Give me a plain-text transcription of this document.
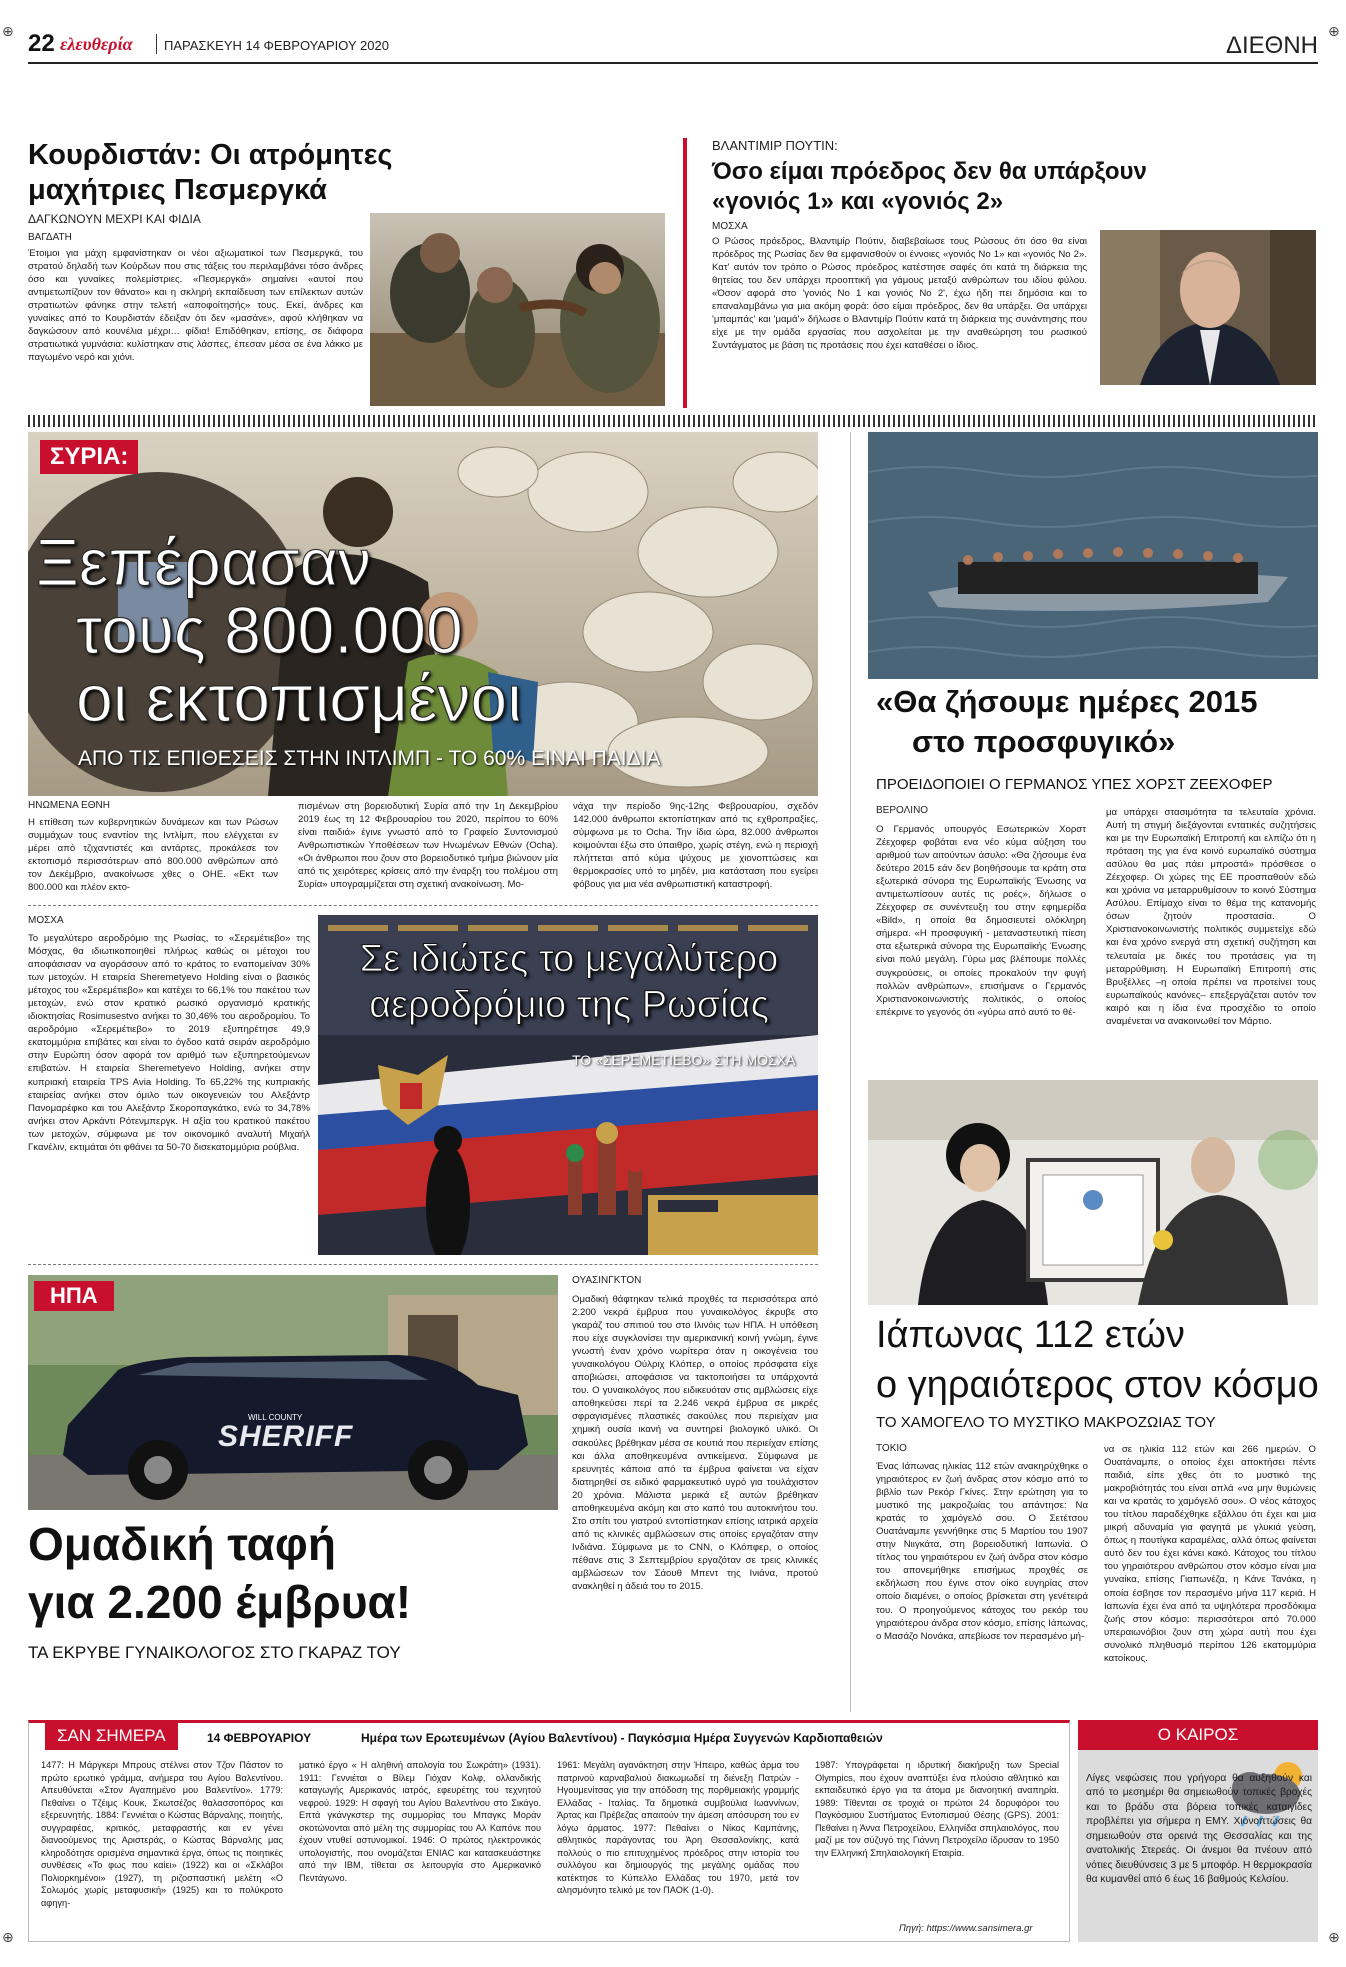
⊕	⊕
⊕	⊕
22 ελευθερία ΠΑΡΑΣΚΕΥΗ 14 ΦΕΒΡΟΥΑΡΙΟΥ 2020	ΔΙΕΘΝΗ
Κουρδιστάν: Οι ατρόμητες
μαχήτριες Πεσμεργκά
ΔΑΓΚΩΝΟΥΝ ΜΕΧΡΙ ΚΑΙ ΦΙΔΙΑ
ΒΑΓΔΑΤΗ
Έτοιμοι για μάχη εμφανίστηκαν οι νέοι αξιωματικοί των Πεσμεργκά, του στρατού δηλαδή των Κούρδων που στις τάξεις του περιλαμβάνει τόσο άνδρες όσο και γυναίκες πολεμίστριες. «Πεσμεργκά» σημαίνει «αυτοί που αντιμετωπίζουν τον θάνατο» και η σκληρή εκπαίδευση των επίλεκτων αυτών στρατιωτών φάνηκε στην τελετή «αποφοίτησής» τους. Εκεί, άνδρες και γυναίκες από το Κουρδιστάν έδειξαν ότι δεν «μασάνε», αφού κλήθηκαν να δαγκώσουν από κουνέλια μέχρι… φίδια! Επιδόθηκαν, επίσης, σε διάφορα στρατιωτικά γυμνάσια: κυλίστηκαν στις λάσπες, έπεσαν μέσα σε ένα λάκκο με παγωμένο νερό και χιόνι.
ΒΛΑΝΤΙΜΙΡ ΠΟΥΤΙΝ:
Όσο είμαι πρόεδρος δεν θα υπάρξουν
«γονιός 1» και «γονιός 2»
ΜΟΣΧΑ
Ο Ρώσος πρόεδρος, Βλαντιμίρ Πούτιν, διαβεβαίωσε τους Ρώσους ότι όσο θα είναι πρόεδρος της Ρωσίας δεν θα εμφανισθούν οι έννοιες «γονιός Νο 1» και «γονιός Νο 2». Κατ' αυτόν τον τρόπο ο Ρώσος πρόεδρος κατέστησε σαφές ότι κατά τη διάρκεια της θητείας του δεν υπάρχει προοπτική για γάμους μεταξύ ανθρώπων του ιδίου φύλου. «Όσον αφορά στο 'γονιός Νο 1 και γονιός Νο 2', έχω ήδη πει δημόσια και το επαναλαμβάνω για μια ακόμη φορά: όσο είμαι πρόεδρος, δεν θα υπάρξει. Θα υπάρχει 'μπαμπάς' και 'μαμά'» δήλωσε ο Βλαντιμίρ Πούτιν κατά τη διάρκεια της συνάντησης που είχε με την ομάδα εργασίας που ασχολείται με την αναθεώρηση του ρωσικού Συντάγματος με βάση τις προτάσεις που έχει καταθέσει ο ίδιος.
ΣΥΡΙΑ:
Ξεπέρασαν
τους 800.000
οι εκτοπισμένοι
ΑΠΟ ΤΙΣ ΕΠΙΘΕΣΕΙΣ ΣΤΗΝ ΙΝΤΛΙΜΠ - ΤΟ 60% ΕΙΝΑΙ ΠΑΙΔΙΑ
ΗΝΩΜΕΝΑ ΕΘΝΗ
Η επίθεση των κυβερνητικών δυνάμεων και των Ρώσων συμμάχων τους εναντίον της Ιντλίμπ, που ελέγχεται εν μέρει από τζιχαντιστές και αντάρτες, προκάλεσε τον εκτοπισμό περισσότερων από 800.000 ανθρώπων από τον Δεκέμβριο, ανακοίνωσε χθες ο ΟΗΕ. «Εκτ των 800.000 και πλέον εκτο-
πισμένων στη βορειοδυτική Συρία από την 1η Δεκεμβρίου 2019 έως τη 12 Φεβρουαρίου του 2020, περίπου το 60% είναι παιδιά» έγινε γνωστό από το Γραφείο Συντονισμού Ανθρωπιστικών Υποθέσεων των Ηνωμένων Εθνών (Ocha). «Οι άνθρωποι που ζουν στο βορειοδυτικό τμήμα βιώνουν μία από τις χειρότερες κρίσεις από την έναρξη του πολέμου στη Συρία» υπογραμμίζεται στη σχετική ανακοίνωση. Μο-
νάχα την περίοδο 9ης-12ης Φεβρουαρίου, σχεδόν 142.000 άνθρωποι εκτοπίστηκαν από τις εχθροπραξίες, σύμφωνα με το Ocha. Την ίδια ώρα, 82.000 άνθρωποι κοιμούνται έξω στο ύπαιθρο, χωρίς στέγη, ενώ η περιοχή πλήττεται από κύμα ψύχους με χιονοπτώσεις και θερμοκρασίες υπό το μηδέν, μια κατάσταση που εγείρει φόβους για μια νέα ανθρωπιστική καταστροφή.
«Θα ζήσουμε ημέρες 2015
στο προσφυγικό»
ΠΡΟΕΙΔΟΠΟΙΕΙ Ο ΓΕΡΜΑΝΟΣ ΥΠΕΣ ΧΟΡΣΤ ΖΕΕΧΟΦΕΡ
ΒΕΡΟΛΙΝΟ
Ο Γερμανός υπουργός Εσωτερικών Χορστ Ζέεχοφερ φοβάται ενα νέο κύμα αύξηση του αριθμού των αιτούντων άσυλο: «Θα ζήσουμε ένα δεύτερο 2015 εάν δεν βοηθήσουμε τα κράτη στα εξωτερικά σύνορα της Ευρωπαϊκής Ένωσης να αντιμετωπίσουν αυτές τις ροές», δήλωσε ο Ζέεχοφερ σε συνέντευξη του στην εφημερίδα «Bild», η οποία θα δημοσιευτεί ολόκληρη σήμερα. «Η προσφυγική - μεταναστευτική πίεση στα εξωτερικά σύνορα της Ευρωπαϊκής Ένωσης είναι πολύ μεγάλη. Γύρω μας βλέπουμε πολλές συγκρούσεις, οι οποίες προκαλούν την φυγή πολλών ανθρώπων», επισήμανε ο Γερμανός Χριστιανοκοινωνιστής πολιτικός, ο οποίος επέκρινε το γεγονός ότι «γύρω από αυτό το θέ-
μα υπάρχει στασιμότητα τα τελευταία χρόνια. Αυτή τη στιγμή διεξάγονται εντατικές συζητήσεις και με την Ευρωπαϊκή Επιτροπή και ελπίζω ότι η πρόταση της για ένα κοινό ευρωπαϊκό σύστημα ασύλου θα μας πάει μπροστά» πρόσθεσε ο Ζέεχοφερ. Οι χώρες της ΕΕ προσπαθούν εδώ και χρόνια να μεταρρυθμίσουν το κοινό Σύστημα Ασύλου. Επίμαχο είναι το θέμα της κατανομής όσων ζητούν προστασία. Ο Χριστιανοκοινωνιστής πολιτικός συμμετείχε εδώ και ένα χρόνο ενεργά στη σχετική συζήτηση και τελευταία με δικές του προτάσεις για τη μεταρρύθμιση. Η Ευρωπαϊκή Επιτροπή στις Βρυξέλλες –η οποία πρέπει να προτείνει τους ευρωπαϊκούς κανόνες– επεξεργάζεται αυτόν τον καιρό και η ίδια ένα προσχέδιο το οποίο αναμένεται να ανακοινωθεί τον Μάρτιο.
ΜΟΣΧΑ
Το μεγαλύτερο αεροδρόμιο της Ρωσίας, το «Σερεμέτιεβο» της Μόσχας, θα ιδιωτικοποιηθεί πλήρως καθώς οι μέτοχοι του αποφάσισαν να αγοράσουν από το κράτος το εναπομείναν 30% των μετοχών. Η εταιρεία Sheremetyevo Holding είναι ο βασικός μέτοχος του «Σερεμέτιεβο» και κατέχει το 66,1% του πακέτου των μετοχών, ενώ στον κρατικό ρωσικό οργανισμό κρατικής ιδιοκτησίας Rosimusestvo ανήκει το 30,46% του αεροδρομίου. Το αεροδρόμιο «Σερεμέτιεβο» το 2019 εξυπηρέτησε 49,9 εκατομμύρια επιβάτες και είναι το όγδοο κατά σειράν αεροδρόμιο στην Ευρώπη όσον αφορά τον αριθμό των εξυπηρετούμενων επιβατών. Η εταιρεία Sheremetyevo Holding, ανήκει στην κυπριακή εταιρεία TPS Avia Holding. Το 65,22% της κυπριακής εταιρείας ανήκει στον όμιλο των οικογενειών του Αλεξάντρ Πανομαρέφκο και του Αλεξάντρ Σκοροπαγκάτκο, ενώ το 34,78% ανήκει στον Αρκάντι Ρότενμπεργκ. Η αξία του κρατικού πακέτου των μετοχών, σύμφωνα με τον οικονομικό αναλυτή Μιχαήλ Γκανέλιν, εκτιμάται ότι φθάνει τα 50-70 δισεκατομμύρια ρούβλια.
Σε ιδιώτες το μεγαλύτερο
αεροδρόμιο της Ρωσίας
ΤΟ «ΣΕΡΕΜΕΤΙΕΒΟ» ΣΤΗ ΜΟΣΧΑ
WILL COUNTY
SHERIFF
ΗΠΑ
Ομαδική ταφή
για 2.200 έμβρυα!
ΤΑ ΕΚΡΥΒΕ ΓΥΝΑΙΚΟΛΟΓΟΣ ΣΤΟ ΓΚΑΡΑΖ ΤΟΥ
ΟΥΑΣΙΝΓΚΤΟΝ
Ομαδική θάφτηκαν τελικά προχθές τα περισσότερα από 2.200 νεκρά έμβρυα που γυναικολόγος έκρυβε στο γκαράζ του σπιτιού του στο Ιλινόις των ΗΠΑ. Η υπόθεση που είχε συγκλονίσει την αμερικανική κοινή γνώμη, έγινε γνωστή έναν χρόνο νωρίτερα όταν η οικογένεια του γυναικολόγου Ούλριχ Κλόπερ, ο οποίος πρόσφατα είχε αποβιώσει, αποφάσισε να τακτοποιήσει τα υπάρχοντά του. Ο γυναικολόγος που ειδικευόταν στις αμβλώσεις είχε αποθηκεύσει περί τα 2.246 νεκρά έμβρυα σε μικρές σφραγισμένες πλαστικές σακούλες που περιείχαν μια χημική ουσία ικανή να συντηρεί βιολογικό υλικό. Οι σακούλες βρέθηκαν μέσα σε κουτιά που περιείχαν επίσης και άλλα αποθηκευμένα αντικείμενα. Σύμφωνα με ερευνητές κάποια από τα έμβρυα φαίνεται να είχαν διατηρηθεί σε ειδικό φαρμακευτικό υγρό για τουλάχιστον 20 χρόνια. Μάλιστα μερικά εξ αυτών βρέθηκαν αποθηκευμένα ακόμη και στο καπό του αυτοκινήτου του. Στο σπίτι του γιατρού εντοπίστηκαν επίσης ιατρικά αρχεία από τις κλινικές αμβλώσεων στις οποίες εργαζόταν στην Ινδιάνα. Σύμφωνα με το CNN, ο Κλόπφερ, ο οποίος πέθανε στις 3 Σεπτεμβρίου εργαζόταν σε τρεις κλινικές αμβλώσεων τον Σάουθ Μπεντ της Ινιάνα, προτού ανακληθεί η άδειά του το 2015.
Ιάπωνας 112 ετών
ο γηραιότερος στον κόσμο
ΤΟ ΧΑΜΟΓΕΛΟ ΤΟ ΜΥΣΤΙΚΟ ΜΑΚΡΟΖΩΙΑΣ ΤΟΥ
ΤΟΚΙΟ
Ένας Ιάπωνας ηλικίας 112 ετών ανακηρύχθηκε ο γηραιότερος εν ζωή άνδρας στον κόσμο από το βιβλίο των Ρεκόρ Γκίνες. Στην ερώτηση για το μυστικό της μακροζωίας του απάντησε: Να κρατάς το χαμόγελό σου. Ο Σετέτσου Ουατάναμπε γεννήθηκε στις 5 Μαρτίου του 1907 στην Νιιγκάτα, στη βορειοδυτική Ιαπωνία. Ο τίτλος του γηραιότερου εν ζωή άνδρα στον κόσμο του απονεμήθηκε επισήμως προχθές σε εκδήλωση που έγινε στον οίκο ευγηρίας στον οποίο διαμένει, ο οποίος βρίσκεται στη γενέτειρά του. Ο προηγούμενος κάτοχος του ρεκόρ του γηραιότερου άνδρα στον κόσμο, επίσης Ιάπωνας, ο Μασάζο Νονάκα, απεβίωσε τον περασμένο μή-
να σε ηλικία 112 ετών και 266 ημερών. Ο Ουατάναμπε, ο οποίος έχει αποκτήσει πέντε παιδιά, είπε χθες ότι το μυστικό της μακροβιότητάς του είναι απλά «να μην θυμώνεις και να κρατάς το χαμόγελό σου». Ο νέος κάτοχος του τίτλου παραδέχθηκε εξάλλου ότι έχει και μια μικρή αδυναμία για φαγητά με γλυκιά γεύση, όπως η πουτίγκα καραμέλας, αλλά όπως φαίνεται αυτό δεν του έχει κάνει κακό. Κάτοχος του τίτλου του γηραιότερου ανθρώπου στον κόσμο είναι μια γυναίκα, επίσης Γιαπωνέζα, η Κάνε Τανάκα, η οποία έσβησε τον περασμένο μήνα 117 κεριά. Η Ιαπωνία έχει ένα από τα υψηλότερα προσδόκιμα ζωής στον κόσμο: περισσότεροι από 70.000 υπεραιωνόβιοι ζουν στη χώρα αυτή που έχει συνολικό πληθυσμό περίπου 126 εκατομμύρια κατοίκους.
ΣΑΝ ΣΗΜΕΡΑ	14 ΦΕΒΡΟΥΑΡΙΟΥ	Ημέρα των Ερωτευμένων (Αγίου Βαλεντίνου) - Παγκόσμια Ημέρα Συγγενών Καρδιοπαθειών
1477: Η Μάργκερι Μπρους στέλνει στον Τζον Πάστον το πρώτο ερωτικό γράμμα, ανήμερα του Αγίου Βαλεντίνου. Απευθύνεται «Στον Αγαπημένο μου Βαλεντίνο». 1779: Πεθαίνει ο Τζέιμς Κουκ, Σκωτσέζος θαλασσοπόρος και εξερευνητής. 1884: Γεννιέται ο Κώστας Βάρναλης, ποιητής, συγγραφέας, κριτικός, μεταφραστής και εν γένει διανοούμενος της Αριστεράς, ο Κώστας Βάρναλης μας κληροδότησε ορισμένα σημαντικά έργα, όπως τις ποιητικές συνθέσεις «Το φως που καίει» (1922) και οι «Σκλάβοι Πολιορκημένοι» (1927), τη ριζοσπαστική μελέτη «Ο Σολωμός χωρίς μεταφυσική» (1925) και το πολύκροτο αφηγη-
ματικό έργο « Η αληθινή απολογία του Σωκράτη» (1931). 1911: Γεννιέται ο Βίλεμ Γιόχαν Κολφ, ολλανδικής καταγωγής Αμερικανός ιατρός, εφευρέτης του τεχνητού νεφρού. 1929: Η σφαγή του Αγίου Βαλεντίνου στο Σικάγο. Επτά γκάνγκστερ της συμμορίας του Μπαγκς Μοράν σκοτώνονται από μέλη της συμμορίας του Αλ Καπόνε που έχουν ντυθεί αστυνομικοί. 1946: Ο πρώτος ηλεκτρονικός υπολογιστής, που ονομάζεται ENIAC και κατασκευάστηκε από την IBM, τίθεται σε λειτουργία στο Αμερικανικό Πεντάγωνο.
1961: Μεγάλη αγανάκτηση στην Ήπειρο, καθώς άρμα του πατρινού καρναβαλιού διακωμωδεί τη διένεξη Πατρών - Ηγουμενίτσας για την απόδοση της πορθμειακής γραμμής Ελλάδας - Ιταλίας. Τα δημοτικά συμβούλια Ιωαννίνων, Άρτας και Πρέβεζας απαιτούν την άμεση απόσυρση του εν λόγω άρματος. 1977: Πεθαίνει ο Νίκος Καμπάνης, αθλητικός παράγοντας του Άρη Θεσσαλονίκης, κατά πολλούς ο πιο επιτυχημένος πρόεδρος στην ιστορία του συλλόγου και δημιουργός της μεγάλης ομάδας που κατέκτησε το Κύπελλο Ελλάδας του 1970, μετά τον αλησμόνητο τελικό με τον ΠΑΟΚ (1-0).
1987: Υπογράφεται η ιδρυτική διακήρυξη των Special Olympics, που έχουν αναπτύξει ένα πλούσιο αθλητικό και εκπαιδευτικό έργο για τα άτομα με διανοητική αναπηρία. 1989: Τίθενται σε τροχιά οι πρώτοι 24 δορυφόροι του Παγκόσμιου Συστήματος Εντοπισμού Θέσης (GPS). 2001: Πεθαίνει η Άννα Πετροχείλου, Ελληνίδα σπηλαιολόγος, που μαζί με τον σύζυγό της Γιάννη Πετροχείλο ίδρυσαν το 1950 την Ελληνική Σπηλαιολογική Εταιρία.
Πηγή: https://www.sansimera.gr
Ο ΚΑΙΡΟΣ
Λίγες νεφώσεις που γρήγορα θα αυξηθούν και από το μεσημέρι θα σημειωθούν τοπικές βροχές και το βράδυ στα βόρεια τοπικές καταιγίδες προβλέπει για σήμερα η ΕΜΥ. Χιονοπτώσεις θα σημειωθούν στα ορεινά της Θεσσαλίας και της ανατολικής Στερεάς. Οι άνεμοι θα πνέουν από νότιες διευθύνσεις 3 με 5 μποφόρ. Η θερμοκρασία θα κυμανθεί από 6 έως 16 βαθμούς Κελσίου.
